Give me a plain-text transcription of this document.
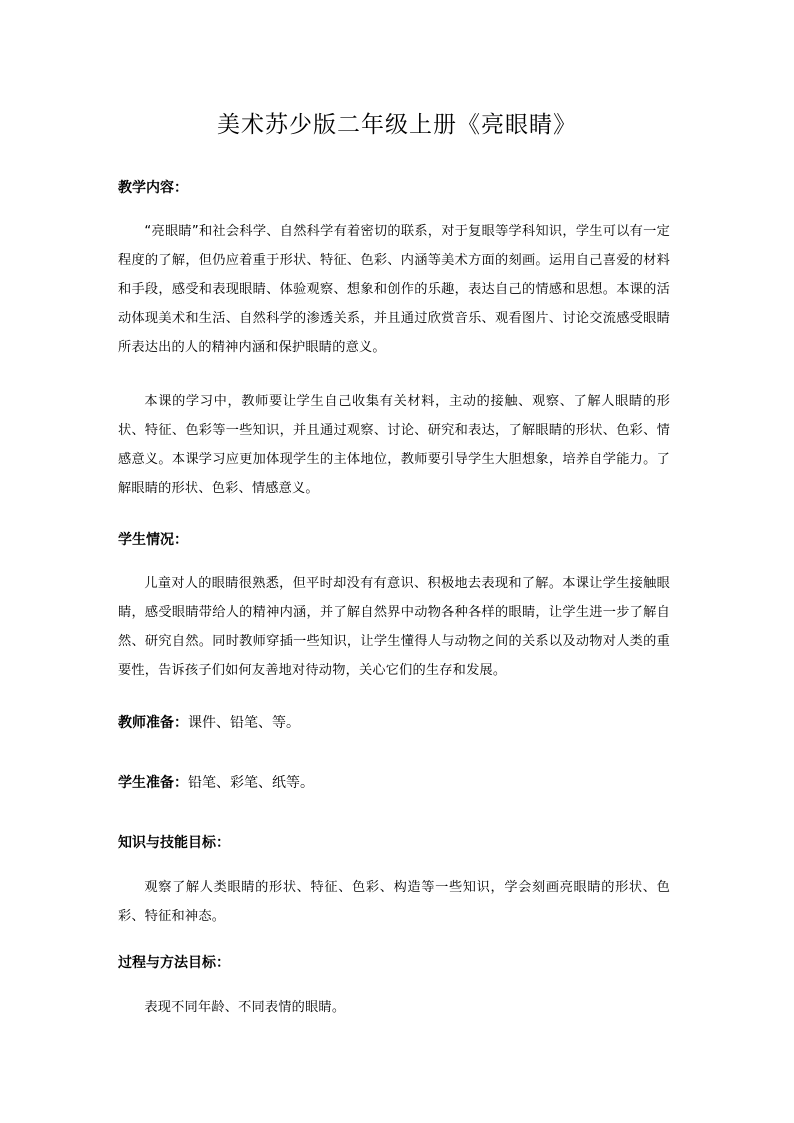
美术苏少版二年级上册《亮眼睛》
教学内容：

“亮眼睛”和社会科学、自然科学有着密切的联系，对于复眼等学科知识，学生可以有一定程度的了解，但仍应着重于形状、特征、色彩、内涵等美术方面的刻画。运用自己喜爱的材料和手段，感受和表现眼睛、体验观察、想象和创作的乐趣，表达自己的情感和思想。本课的活动体现美术和生活、自然科学的渗透关系，并且通过欣赏音乐、观看图片、讨论交流感受眼睛所表达出的人的精神内涵和保护眼睛的意义。

本课的学习中，教师要让学生自己收集有关材料，主动的接触、观察、了解人眼睛的形状、特征、色彩等一些知识，并且通过观察、讨论、研究和表达，了解眼睛的形状、色彩、情感意义。本课学习应更加体现学生的主体地位，教师要引导学生大胆想象，培养自学能力。了解眼睛的形状、色彩、情感意义。

学生情况：

儿童对人的眼睛很熟悉，但平时却没有有意识、积极地去表现和了解。本课让学生接触眼睛，感受眼睛带给人的精神内涵，并了解自然界中动物各种各样的眼睛，让学生进一步了解自然、研究自然。同时教师穿插一些知识，让学生懂得人与动物之间的关系以及动物对人类的重要性，告诉孩子们如何友善地对待动物，关心它们的生存和发展。

教师准备：课件、铅笔、等。
学生准备：铅笔、彩笔、纸等。
知识与技能目标：

观察了解人类眼睛的形状、特征、色彩、构造等一些知识，学会刻画亮眼睛的形状、色彩、特征和神态。

过程与方法目标：

表现不同年龄、不同表情的眼睛。
